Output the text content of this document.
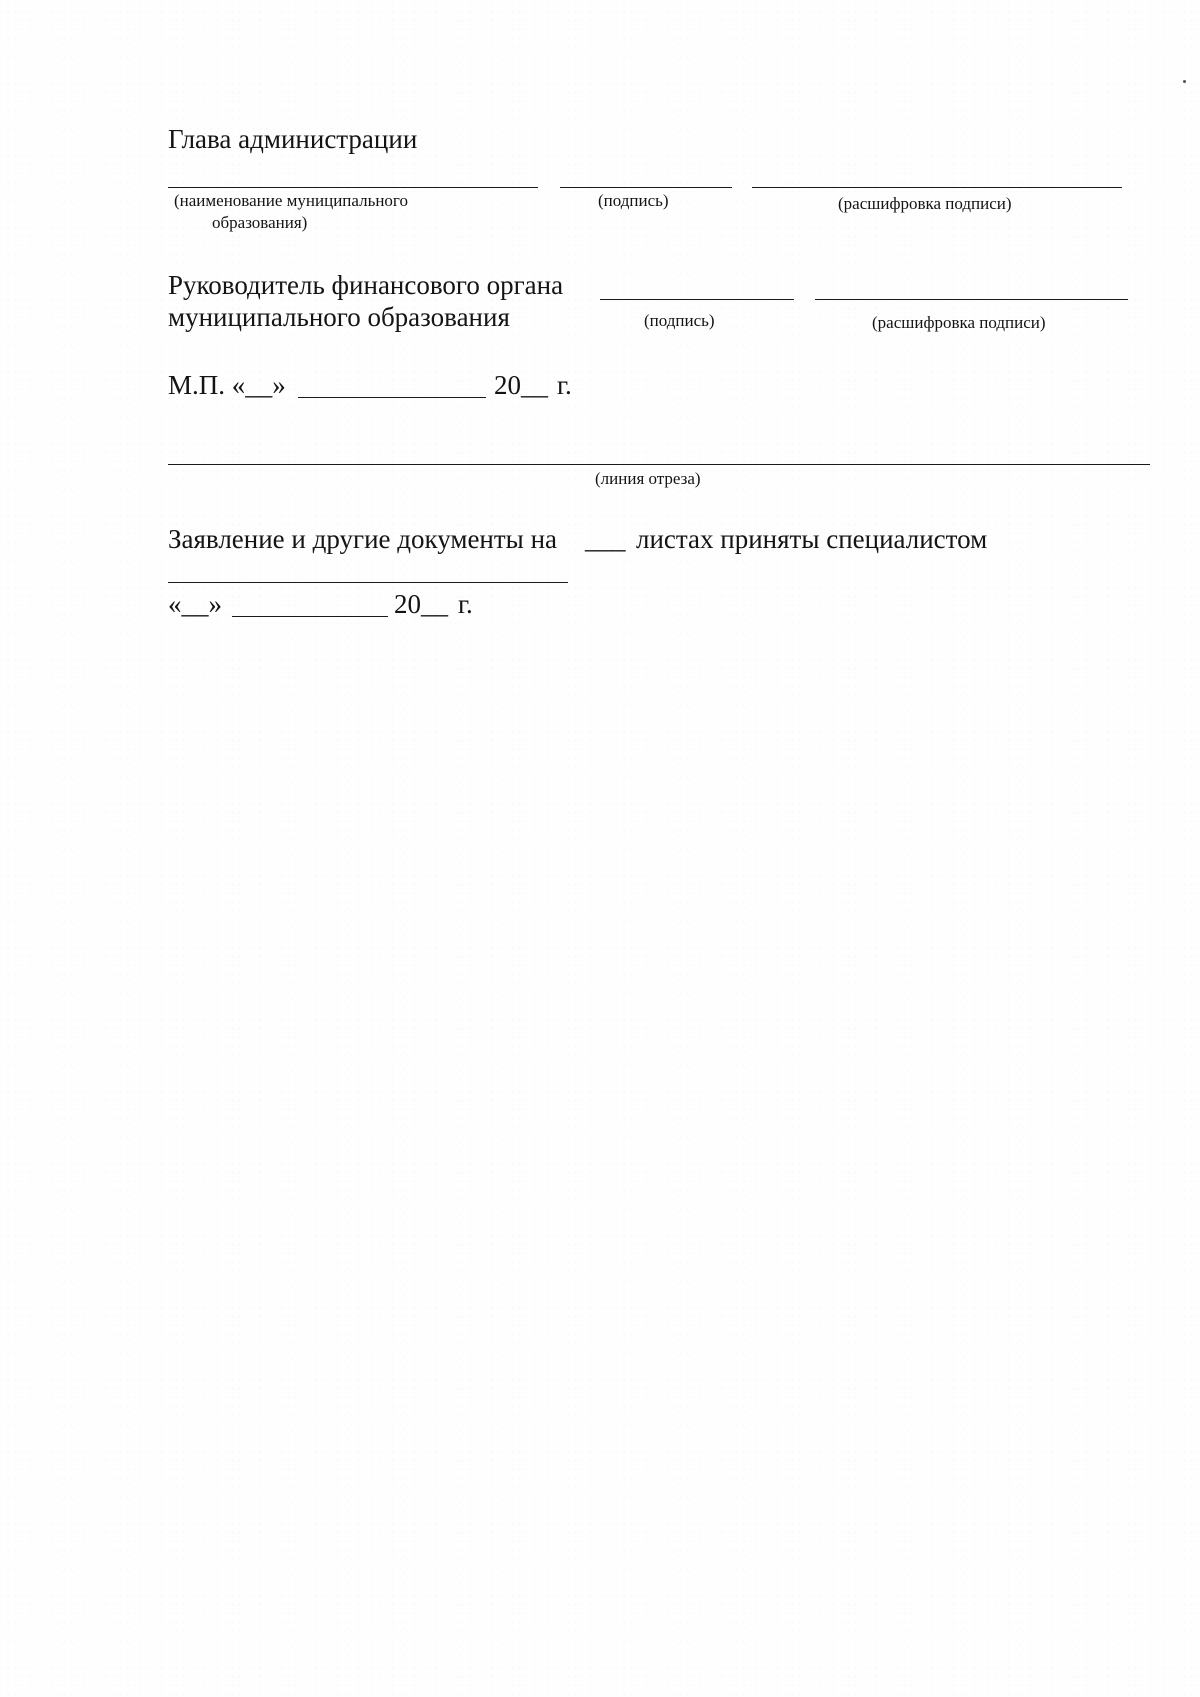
Глава администрации
(наименование муниципального
образования)
(подпись)	(расшифровка подписи)
Руководитель финансового органа
муниципального образования	(подпись)	(расшифровка подписи)
М.П. «__»	20__ г.
(линия отреза)
Заявление и другие документы на ___ листах приняты специалистом
«__»	20__ г.
